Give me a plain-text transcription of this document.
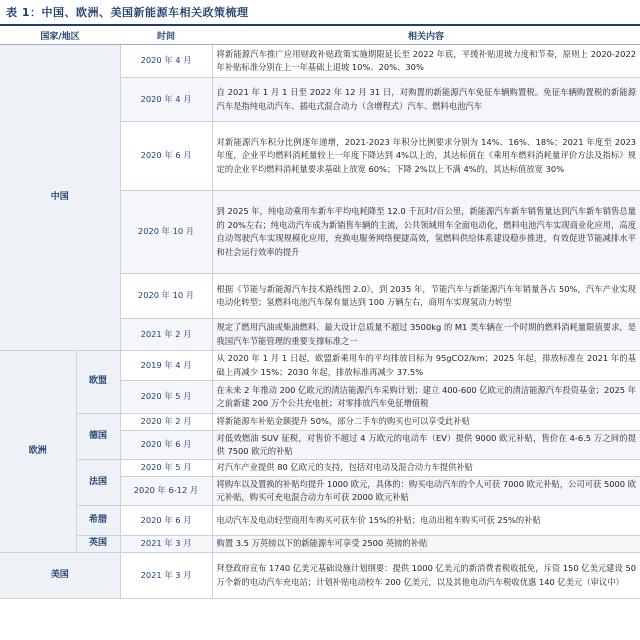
表 1：中国、欧洲、美国新能源车相关政策梳理
国家/地区		时间	相关内容
中国		2020 年 4 月	将新能源汽车推广应用财政补贴政策实施期限延长至 2022 年底，平缓补贴退坡力度和节奏，原则上 2020-2022 年补贴标准分别在上一年基础上退坡 10%、20%、30%
		2020 年 4 月	自 2021 年 1 月 1 日至 2022 年 12 月 31 日，对购置的新能源汽车免征车辆购置税。免征车辆购置税的新能源汽车是指纯电动汽车、插电式混合动力（含增程式）汽车、燃料电池汽车
		2020 年 6 月	对新能源汽车积分比例逐年递增，2021-2023 年积分比例要求分别为 14%、16%、18%；2021 年度至 2023 年度，企业平均燃料消耗量较上一年度下降达到 4%以上的，其达标值在《乘用车燃料消耗量评价方法及指标》规定的企业平均燃料消耗量要求基础上放宽 60%；下降 2%以上不满 4%的，其达标值放宽 30%
		2020 年 10 月	到 2025 年，纯电动乘用车新车平均电耗降至 12.0 千瓦时/百公里，新能源汽车新车销售量达到汽车新车销售总量的 20%左右；纯电动汽车成为新销售车辆的主流，公共领域用车全面电动化，燃料电池汽车实现商业化应用，高度自动驾驶汽车实现规模化应用，充换电服务网络便捷高效，氢燃料供给体系建设稳步推进，有效促进节能减排水平和社会运行效率的提升
		2020 年 10 月	根据《节能与新能源汽车技术路线图 2.0》，到 2035 年，节能汽车与新能源汽车年销量各占 50%，汽车产业实现电动化转型；氢燃料电池汽车保有量达到 100 万辆左右，商用车实现氢动力转型
		2021 年 2 月	规定了燃用汽油或柴油燃料、最大设计总质量不超过 3500kg 的 M1 类车辆在一个时期的燃料消耗量限值要求，是我国汽车节能管理的重要支撑标准之一
欧洲	欧盟	2019 年 4 月	从 2020 年 1 月 1 日起，欧盟新乘用车的平均排放目标为 95gCO2/km；2025 年起，排放标准在 2021 年的基础上再减少 15%；2030 年起，排放标准再减少 37.5%
		2020 年 5 月	在未来 2 年推动 200 亿欧元的清洁能源汽车采购计划；建立 400-600 亿欧元的清洁能源汽车投资基金；2025 年之前新建 200 万个公共充电桩；对零排放汽车免征增值税
	德国	2020 年 2 月	将新能源车补贴金额提升 50%，部分二手车的购买也可以享受此补贴
		2020 年 6 月	对低效燃油 SUV 征税，对售价不超过 4 万欧元的电动车（EV）提供 9000 欧元补贴，售价在 4-6.5 万之间的提供 7500 欧元的补贴
	法国	2020 年 5 月	对汽车产业提供 80 亿欧元的支持，包括对电动及混合动力车提供补贴
		2020 年 6-12 月	将购车以及置换的补贴均提升 1000 欧元，具体的：购买电动汽车的个人可获 7000 欧元补贴，公司可获 5000 欧元补贴，购买可充电混合动力车可获 2000 欧元补贴
	希腊	2020 年 6 月	电动汽车及电动轻型商用车购买可获车价 15%的补贴；电动出租车购买可获 25%的补贴
	英国	2021 年 3 月	购置 3.5 万英镑以下的新能源车可享受 2500 英镑的补贴
美国		2021 年 3 月	拜登政府宣布 1740 亿美元基础设施计划纲要：提供 1000 亿美元的新消费者税收抵免，斥资 150 亿美元建设 50 万个新的电动汽车充电站；计划补贴电动校车 200 亿美元，以及其他电动汽车税收优惠 140 亿美元（审议中）
